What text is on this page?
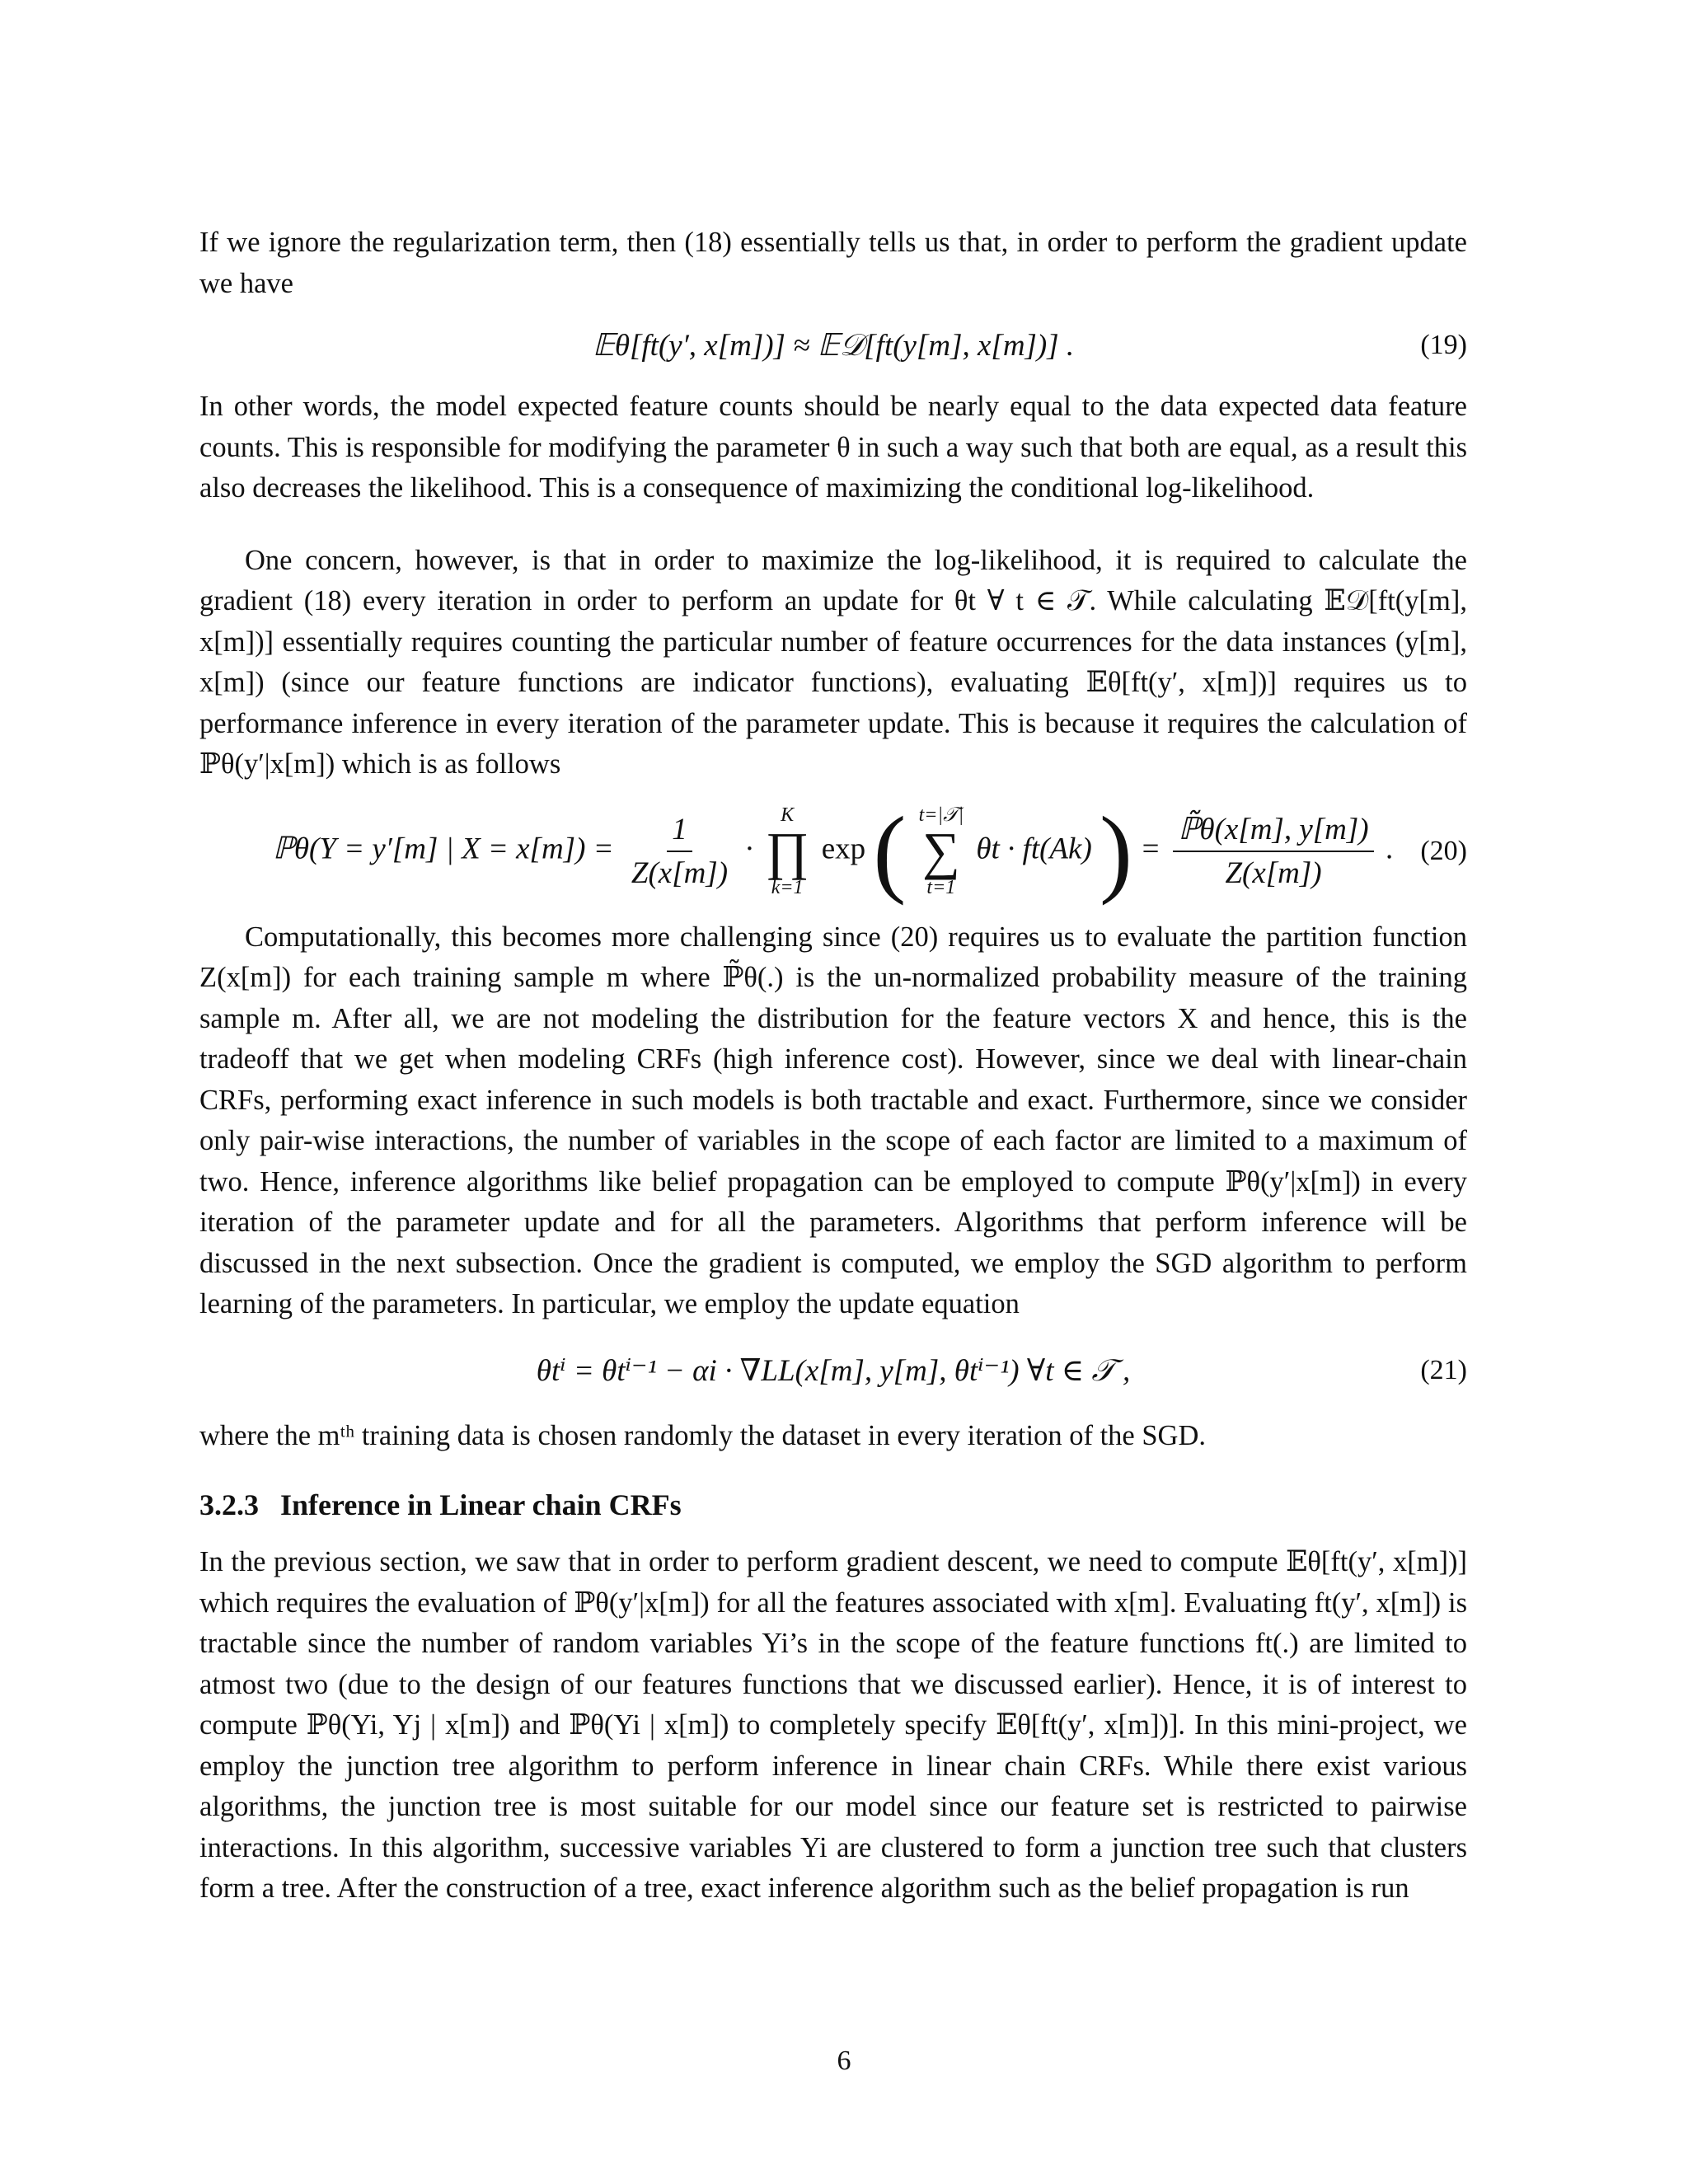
If we ignore the regularization term, then (18) essentially tells us that, in order to perform the gradient update we have

𝔼θ[ft(y′, x[m])] ≈ 𝔼𝒟[ft(y[m], x[m])] .	(19)

In other words, the model expected feature counts should be nearly equal to the data expected data feature counts. This is responsible for modifying the parameter θ in such a way such that both are equal, as a result this also decreases the likelihood. This is a consequence of maximizing the conditional log-likelihood.

One concern, however, is that in order to maximize the log-likelihood, it is required to calculate the gradient (18) every iteration in order to perform an update for θt ∀ t ∈ 𝒯. While calculating 𝔼𝒟[ft(y[m], x[m])] essentially requires counting the particular number of feature occurrences for the data instances (y[m], x[m]) (since our feature functions are indicator functions), evaluating 𝔼θ[ft(y′, x[m])] requires us to performance inference in every iteration of the parameter update. This is because it requires the calculation of ℙθ(y′|x[m]) which is as follows

ℙθ(Y = y′[m] | $X = x[m]) = \frac{1}{Z(x[m])}$ ·
K
∏
k=1
exp ( t=|𝒯|
∑
t=1
θt · ft(Ak) ) = $\frac{\text{ℙ̃θ(x[m], y[m])}}{Z(x[m])}$ . (20)

Computationally, this becomes more challenging since (20) requires us to evaluate the partition function Z(x[m]) for each training sample m where ℙ̃θ(.) is the un-normalized probability measure of the training sample m. After all, we are not modeling the distribution for the feature vectors X and hence, this is the tradeoff that we get when modeling CRFs (high inference cost). However, since we deal with linear-chain CRFs, performing exact inference in such models is both tractable and exact. Furthermore, since we consider only pair-wise interactions, the number of variables in the scope of each factor are limited to a maximum of two. Hence, inference algorithms like belief propagation can be employed to compute ℙθ(y′|x[m]) in every iteration of the parameter update and for all the parameters. Algorithms that perform inference will be discussed in the next subsection. Once the gradient is computed, we employ the SGD algorithm to perform learning of the parameters. In particular, we employ the update equation

θtⁱ = θtⁱ⁻¹ − αi · ∇LL(x[m], y[m], θtⁱ⁻¹) ∀t ∈ 𝒯 ,	(21)

where the mᵗʰ training data is chosen randomly the dataset in every iteration of the SGD.

3.2.3 Inference in Linear chain CRFs

In the previous section, we saw that in order to perform gradient descent, we need to compute 𝔼θ[ft(y′, x[m])] which requires the evaluation of ℙθ(y′|x[m]) for all the features associated with x[m]. Evaluating ft(y′, x[m]) is tractable since the number of random variables Yi’s in the scope of the feature functions ft(.) are limited to atmost two (due to the design of our features functions that we discussed earlier). Hence, it is of interest to compute ℙθ(Yi, Yj | x[m]) and ℙθ(Yi | x[m]) to completely specify 𝔼θ[ft(y′, x[m])]. In this mini-project, we employ the junction tree algorithm to perform inference in linear chain CRFs. While there exist various algorithms, the junction tree is most suitable for our model since our feature set is restricted to pairwise interactions. In this algorithm, successive variables Yi are clustered to form a junction tree such that clusters form a tree. After the construction of a tree, exact inference algorithm such as the belief propagation is run

6
